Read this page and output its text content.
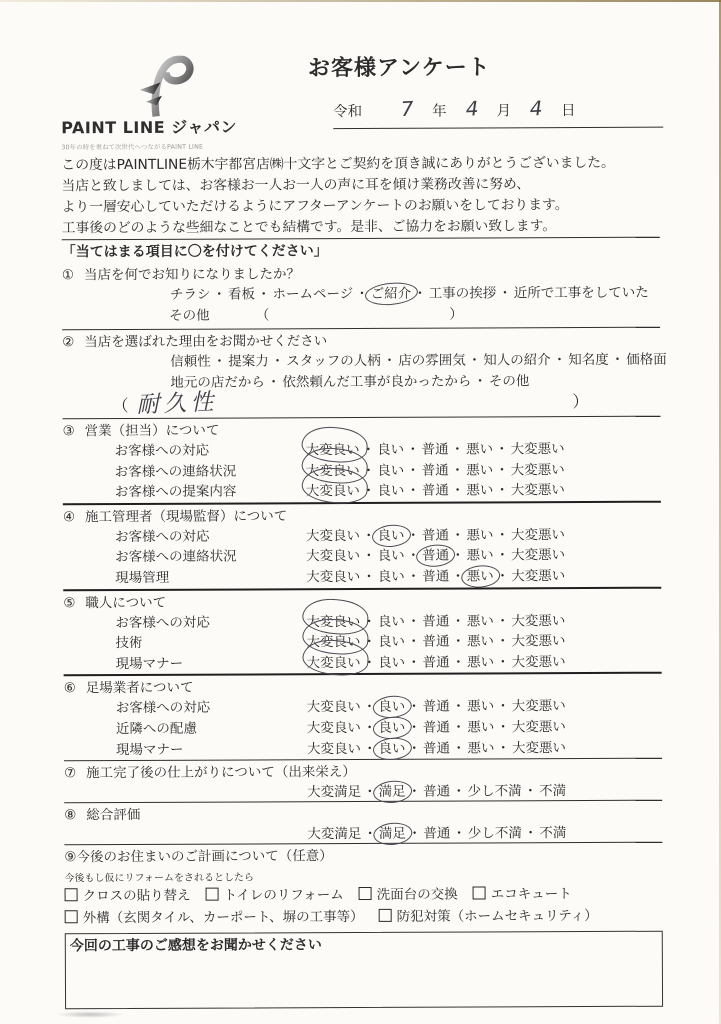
PAINT LINE ジャパン
30年の時を重ねて次世代へつながるPAINT LINE
お客様アンケート
令和	7	年 4	月 4	日
この度はPAINTLINE栃木宇都宮店㈱十文字とご契約を頂き誠にありがとうございました。
当店と致しましては、お客様お一人お一人の声に耳を傾け業務改善に努め、
より一層安心していただけるようにアフターアンケートのお願いをしております。
工事後のどのような些細なことでも結構です。是非、ご協力をお願い致します。
「当てはまる項目に〇を付けてください」
① 当店を何でお知りになりましたか？
チラシ ・ 看板 ・ ホームページ ・ ご紹介 ・ 工事の挨拶 ・ 近所で工事をしていた
その他	（	）
② 当店を選ばれた理由をお聞かせください
信頼性 ・ 提案力 ・ スタッフの人柄 ・ 店の雰囲気 ・ 知人の紹介 ・ 知名度 ・ 価格面
地元の店だから ・ 依然頼んだ工事が良かったから ・ その他
（ 耐久性	）
③ 営業（担当）について
お客様への対応	大変良い ・ 良い ・ 普通 ・ 悪い ・ 大変悪い
お客様への連絡状況	大変良い ・ 良い ・ 普通 ・ 悪い ・ 大変悪い
お客様への提案内容	大変良い ・ 良い ・ 普通 ・ 悪い ・ 大変悪い
④ 施工管理者（現場監督）について
お客様への対応	大変良い ・ 良い ・ 普通 ・ 悪い ・ 大変悪い
お客様への連絡状況	大変良い ・ 良い ・ 普通 ・ 悪い ・ 大変悪い
現場管理	大変良い ・ 良い ・ 普通 ・ 悪い ・ 大変悪い
⑤ 職人について
お客様への対応	大変良い ・ 良い ・ 普通 ・ 悪い ・ 大変悪い
技術	大変良い ・ 良い ・ 普通 ・ 悪い ・ 大変悪い
現場マナー	大変良い ・ 良い ・ 普通 ・ 悪い ・ 大変悪い
⑥ 足場業者について
お客様への対応	大変良い ・ 良い ・ 普通 ・ 悪い ・ 大変悪い
近隣への配慮	大変良い ・ 良い ・ 普通 ・ 悪い ・ 大変悪い
現場マナー	大変良い ・ 良い ・ 普通 ・ 悪い ・ 大変悪い
⑦ 施工完了後の仕上がりについて（出来栄え）
大変満足 ・ 満足 ・ 普通 ・ 少し不満 ・ 不満
⑧ 総合評価
大変満足 ・ 満足 ・ 普通 ・ 少し不満 ・ 不満
⑨今後のお住まいのご計画について（任意）
今後もし仮にリフォームをされるとしたら
クロスの貼り替え トイレのリフォーム 洗面台の交換 エコキュート
外構（玄関タイル、カーポート、塀の工事等） 防犯対策（ホームセキュリティ）
今回の工事のご感想をお聞かせください
